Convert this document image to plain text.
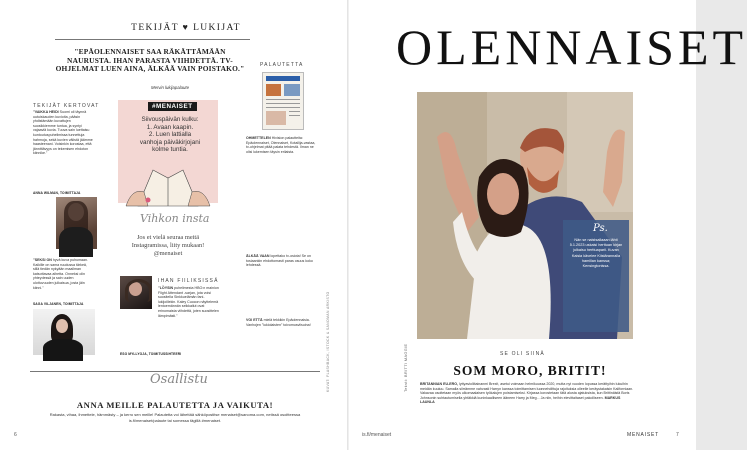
TEKIJÄT ♥ LUKIJAT
"EPÄOLENNAISET SAA RÄKÄTTÄMÄÄN NAURUSTA. IHAN PARASTA VIIHDETTÄ. TV-OHJELMAT LUEN AINA, ÄLKÄÄ VAIN POISTAKO."
Mervin lukijapalaute
TEKIJÄT KERTOVAT
"VAIKKA HEIDI Suomi oli täynnä uutuiskauden kuvioita, pääsin yhdistämään kuvattujen suosikkiemme tuntua, ja syntyi vajaaviä kuvia. Tuuva sain luettaisu kuntoutuspuhelimissa tunnettuja hahmoja, sekä kuvien välistä jäämme haasteenani. Voisinkin korostaa, että jännittävyys on tekemisen ehdoton kiinnike."
ANNA WILMAN, TOIMITTAJA
"SEKSI ON hyvä kuva puhumaan. Kaikille on sama ruudussa tärkeä, sillä tiedän nykyään maailman katsottavaa aihetta. Onneksi olin yhteydessä ja sain uuden ulottuvuuden julkaisua, josta jäin kiinni."
SAGA VILJANEN, TOIMITTAJA
#MENAISET
Siivouspäivän kulku:
1. Avaan kaapin.
2. Luen lattialla
vanhoja päiväkirjojani
kolme tuntia.
Vihkon insta
Jos et vielä seuraa meitä Instagramissa, liity mukaan! @menaiset
IHAN FIILIKSISSÄ
"LÖYSIN puhelimesta HBO:n mainion Flight Attendant -sarjan, jota voisi suositella Sinkkuelämän fani-lukijoillekin. Kaley Cuocon näyttelemä lentoemännän seikkailut ovat erinomaista viihdettä, joten suosittelen lämpimästi."
ESO MYLLYOJA, TOIMITUSSIHTEERI
PALAUTETTA
OHMETTELEN Hivision palautteita: Epäolennaiset, Olennaiset, Kotailija-vastaa, tv-ohjelmat pitää palata tehdestä. Ilman ne olisi lukemisen täysin erilaista.
ÄLKÄÄ VAAN lopettako tv-osiota! Se on tosiaankin ehdottomasti paras osuus koko lehdessä.
VOI ETTÄ mielä tekkikin Epäolennaisia. Vanhojen "lukiolaisten" toivomusviisuina!
Osallistu
ANNA MEILLE PALAUTETTA JA VAIKUTA!
Rakasta, vihaa, ihmettele, hämmästy – ja kerro sen meille! Palautetta voi lähettää sähköpostitse menaiset@sanoma.com, netissä osoitteessa is.fi/menaiset/palaute tai somessa tägillä #menaiset.
6
KUVAT: FLASHBACK, ISTOCK & SANOMAN ARKISTO
OLENNAISET
Teksti: BRITTI MAGGIE
Ps.
Nän se naistsallaaan lähti 5.1.2023 uskaisi herttuan kirjan julkaisu herttuaparii. Kuvan Kaisla kävelee Kiistärannalla hamillan kanssa; Kensingtonissa.
SE OLI SIINÄ
SOM MORO, BRITIT!
BRITANNIAN EU-ERO, lyttyavioliitainanmi Brexit, asetui voimaan helmikuussa 2020, mutta nyt vuoden lopussa kerättyihin lukuihin meidän kuuluu. Samalla siirrämme vahvasti Harryn kanssa toimittamisen luonnehdittuja rajoituksia olleelle keräystakaisin Kaliforniaan. Vakavaa osoitetaan myös ulkomaalaisen työkalujen poistamiseksi. Kirjassa korostetaan tätä alusta ajatuksista, kun Brittinäistä Boris Johnsonin suhtautumisella yhtäkkiä kuninkaalliseen ääneen Harry ja Meg... Ja niin, heihin elevittaitaset pakolliseen. MARKUS LAUNLA
is.fi/menaiset	MENAISET	7
